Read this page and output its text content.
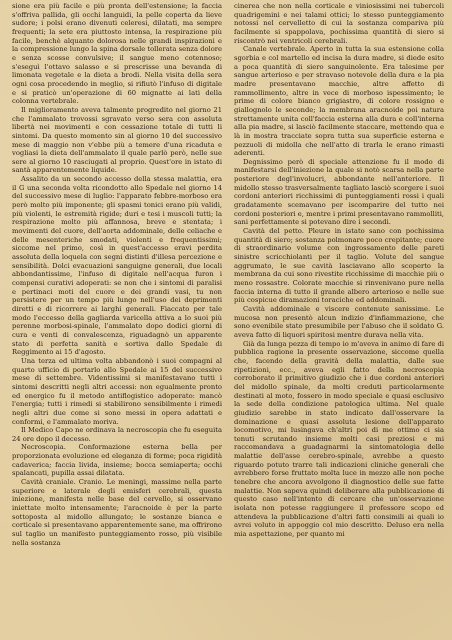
sione era più facile e più pronta dell'estensione; la faccia s'offriva pallida, gli occhi languidi, la pelle coperta da lieve sudore; i polsi erano divenuti celeresi, dilatati, ma sempre frequenti; la sete era piuttosto intensa, la respirazione più facile, benchè alquanto dolorosa nelle grandi inspirazioni e la compressione lungo la spina dorsale tollerata senza dolore e senza scosse convulsive; il sangue meno cotennoso; s'eseguì l'ottavo salasso e si prescrisse una bevanda di limonata vegetale e la dieta a brodi. Nella visita della sera ogni cosa procedendo in meglio, si rifiutò l'infuso di digitale e si praticò un'operazione di 60 mignatte ai lati della colonna vertebrale.

Il miglioramento aveva talmente progredito nel giorno 21 che l'ammalato trovossi sgravato verso sera con assoluta libertà nei movimenti e con cessazione totale di tutti li sintomi. Da questo momento sin al giorno 10 del successivo mese di maggio non v'ebbe più a temere d'una ricaduta e vogliasi la dieta dell'ammalato il quale parlò però, nelle sue sere al giorno 10 rasciugati al proprio. Quest'ore in istato di santà apparentemente liquide.

Assalito da un secondo accesso della stessa malattia, era il G una seconda volta ricondotto allo Spedale nel giorno 14 del successivo mese di luglio: l'apparato febbre-morboso era però molto più imponente; gli spasmi tonici erano più validi, più violenti, le estremità rigide; duri e tesi i muscoli tutti; la respirazione molto più affannosa, breve e stentata; i movimenti del cuore, dell'aorta addominale, delle celiache e delle mesenteriche smodati, violenti e frequentissimi; siccome nel primo, così in quest'accesso eravi perdita assoluta della loquela con segni distinti d'illesa percezione e sensibilità. Dolci evacuazioni sanguigne generali, due locali abbondantissime, l'infuso di digitale nell'acqua furon i compensi curativi adoperati: se non che i sintomi di paralisi e pertinaci moti del cuore e dei grandi vasi, tu non persistere per un tempo più lungo nell'uso dei deprimenti diretti e di ricorrere ai larghi generali. Fiaccato per tale modo l'eccesso della gagliarda varicella attiva a lo suoi più perenne morbosi-spinale, l'ammalato dopo dodici giorni di cura e venti di convalescenza, riguadagnò un apparente stato di perfetta sanità e sortiva dallo Spedale di Reggimento ai 15 d'agosto.

Una terza ed ultima volta abbandonò i suoi compagni al quarto ufficio di portarlo allo Spedale ai 15 del successivo mese di settembre. Videntissimi si manifestavano tutti i sintomi descritti negli altri accessi: non egualmente pronto ed energico fu il metodo antiflogistico adoperato: mancò l'energia; tutti i rimedi si stabilirono sensibilmente i rimedi negli altri due come si sono messi in opera adattati e conformi, e l'ammalato moriva.

Il Medico Capo ne ordinava la necroscopia che fu eseguita 24 ore dopo il decesso.

Necroscopia. Conformazione esterna bella per proporzionata evoluzione ed eleganza di forme; poca rigidità cadaverica; faccia livida, insieme; bocca semiaperta; occhi spalancati, pupilla assai dilatata.

Cavità craniale. Cranio. Le meningi, massime nella parte superiore e laterale degli emisferi cerebrali, questa iniezione, manifesta nelle base del cervello, si osservano iniettate molto intensamente; l'aracnoide è per la parte sottoposta al midollo allungato; le sostanze bianca e corticale si presentavano apparentemente sane, ma offrirono sul taglio un manifesto punteggiamento rosso, più visibile nella sostanza

cinerea che non nella corticale e viniosissimi nei tubercoli quadrigemini e nei talami ottici; lo stesso punteggiamento notossi nel cervelletto di cui la sostanza compariva più facilmente si spappolava, pochissima quantità di siero si riscontrò nei ventricoli cerebrali.

Canale vertebrale. Aperto in tutta la sua estensione colla sgorbia e col martello ed incisa la dura madre, si diede esito a poca quantità di siero sanguinolente. Era talesime per sangue arterioso e per stravaso notevole della dura e la pia madre presentavano macchie, altre affetto di rammollimento, altre in vece di morboso ispessimento; le prime di colore bianco grigiastro, di colore rossigno e giallognolo le seconde; la membrana aracnoide poi natura strettamente unita coll'faccia esterna alla dura e coll'interna alla pia madre, si lasciò facilmente staccare, mettendo qua e là in mostra tracciate sopra tutta sua superficie esterna e pezzuoli di midolla che nell'atto di trarla le erano rimasti aderenti.

Degnissimo però di speciale attenzione fu il modo di manifestarsi dell'iniezione la quale si notò scarsa nella parte posteriore degl'involucri, abbondante nell'anteriore. Il midollo stesso trasversalmente tagliato lasciò scorgere i suoi cordoni anteriori ricchissimi di punteggiamenti rossi i quali gradatamente scemavano per iscomparire del tutto nei cordoni posteriori e, mentre i primi presentavano rammolliti, sani perfettamente si potevano dire i secondi.

Cavità del petto. Pleure in istato sano con pochissima quantità di siero; sostanza polmonare poco crepitante; cuore di straordinario volume con ingrossamento delle pareti sinistre scricchiolanti per il taglio. Volute del sangue aggrumato, le sue cavità lasciavano allo scoperto la membrana da cui sono rivestite ricchissime di macchie più o meno rossastre. Colorate macchie si rinvenivano pure nella faccia interna di tutto il grande albero arterioso e nelle sue più cospicue diramazioni toraciche ed addominali.

Cavità addominale e viscere contenute sanissime. Le mucosa non presentò alcun indizio d'infiammazione, che sono evenibile stato presumibile per l'abuso che il soldato G. aveva fatto di liquori spiritosi mentre durava nella vita.

Già da lunga pezza di tempo io m'aveva in animo di fare di pubblica ragione la presente osservazione, siccome quella che, facendo della gravità della malattia, dalle sue ripetizioni, ecc., aveva egli fatto della necroscopia corroborato il primitivo giudizio che i due cordoni anteriori del midollo spinale, da molti creduti particolarmente destinati al moto, fossero in modo speciale e quasi esclusivo la sede della condizione patologica ultima. Nel quale giudizio sarebbe in stato indicato dall'osservare la dominazione e quasi assoluta lesione dell'apparato locomotivo, mi lusingava ch'altri poi di me ottimo ci sia tenuti scrutando insieme molti casi preziosi e mi raccomandava a guadagnarmi la sintomatologia delle malattie dell'asse cerebro-spinale, avrebbe a questo riguardo potuto trarre tali indicazioni cliniche generali che avrebbero forse fruttato molta luce in mezzo alle non poche tenebre che ancora avvolgono il diagnostico delle sue fatte malattie. Non sapeva quindi deliberare alla pubblicazione di questo caso nell'intento di cercare che un'osservazione isolata non potesse raggiungere il professore scopo ed attendeva la pubblicazione d'altri fatti consimili ai quali io avrei voluto in appoggio col mio descritto. Deluso era nella mia aspettazione, per quanto mi
